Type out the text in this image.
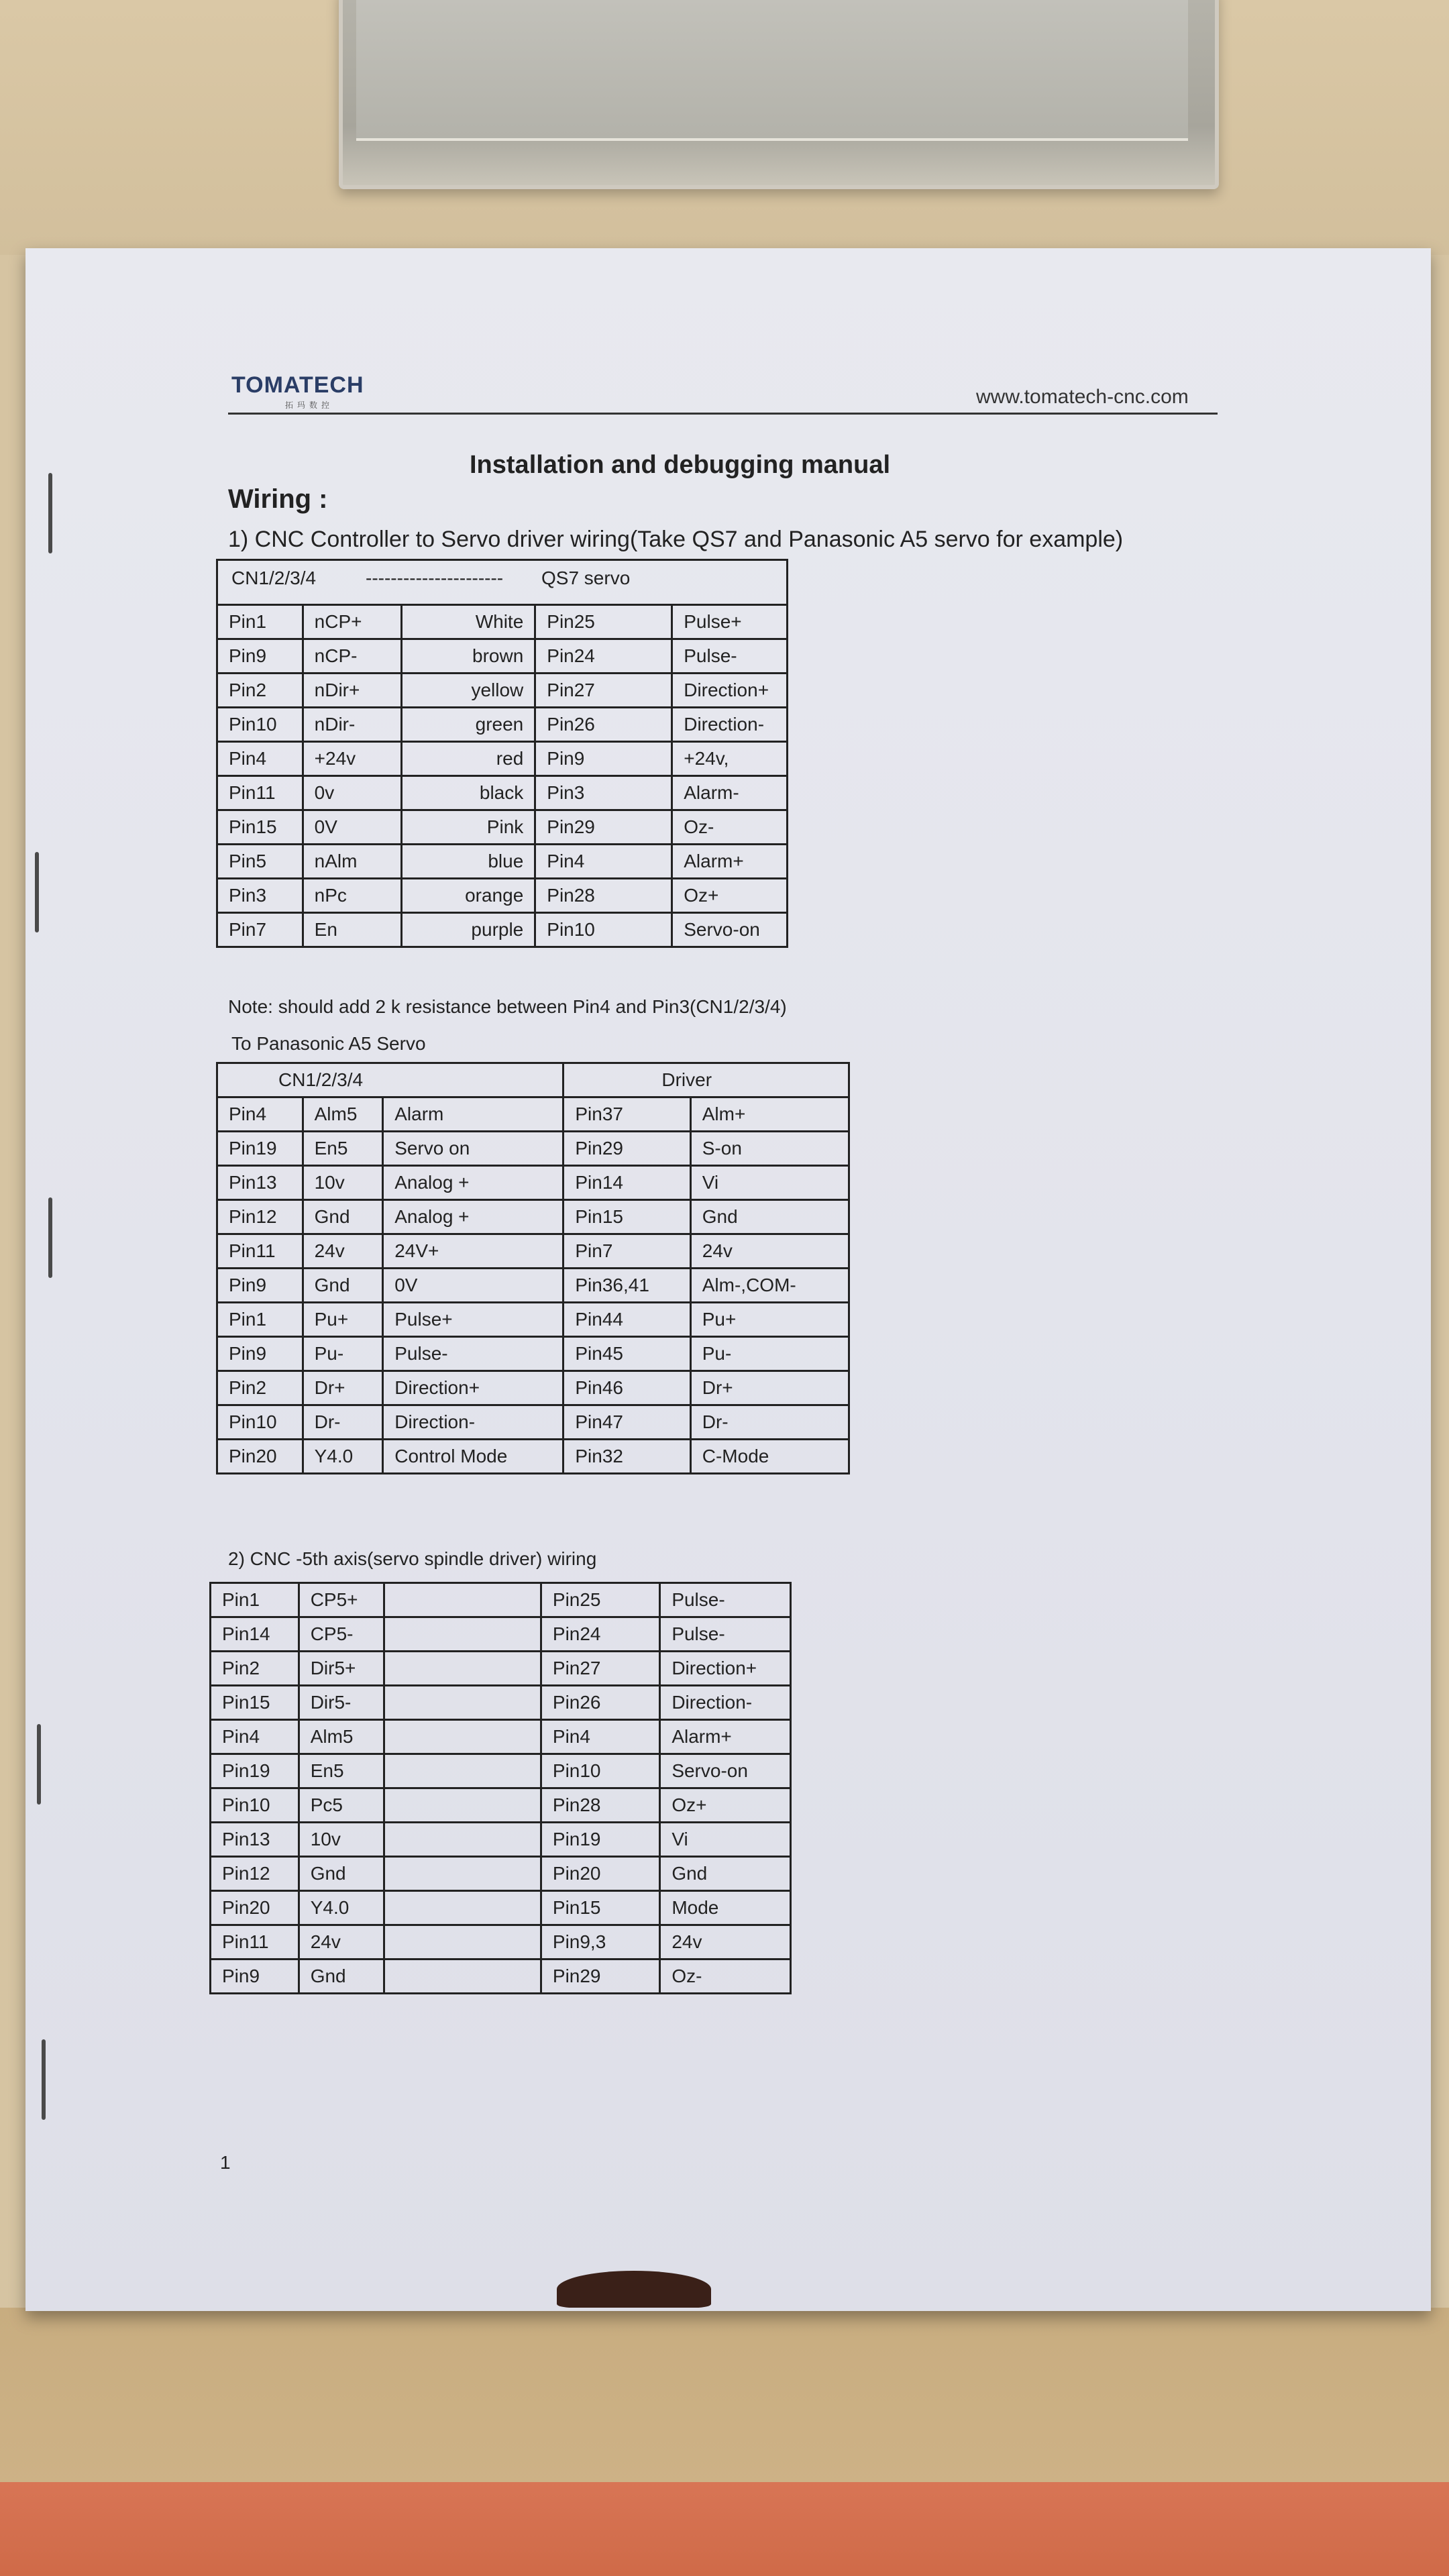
TOMATECH
拓玛数控	www.tomatech-cnc.com
Installation and debugging manual
Wiring :
1) CNC Controller to Servo driver wiring(Take QS7 and Panasonic A5 servo for example)
CN1/2/3/4	---------------------- QS7 servo
Pin1	nCP+	White	Pin25	Pulse+
Pin9	nCP-	brown	Pin24	Pulse-
Pin2	nDir+	yellow	Pin27	Direction+
Pin10	nDir-	green	Pin26	Direction-
Pin4	+24v	red	Pin9	+24v,
Pin11	0v	black	Pin3	Alarm-
Pin15	0V	Pink	Pin29	Oz-
Pin5	nAlm	blue	Pin4	Alarm+
Pin3	nPc	orange	Pin28	Oz+
Pin7	En	purple	Pin10	Servo-on
Note: should add 2 k resistance between Pin4 and Pin3(CN1/2/3/4)
To Panasonic A5 Servo
CN1/2/3/4			Driver	
Pin4	Alm5	Alarm	Pin37	Alm+
Pin19	En5	Servo on	Pin29	S-on
Pin13	10v	Analog +	Pin14	Vi
Pin12	Gnd	Analog +	Pin15	Gnd
Pin11	24v	24V+	Pin7	24v
Pin9	Gnd	0V	Pin36,41	Alm-,COM-
Pin1	Pu+	Pulse+	Pin44	Pu+
Pin9	Pu-	Pulse-	Pin45	Pu-
Pin2	Dr+	Direction+	Pin46	Dr+
Pin10	Dr-	Direction-	Pin47	Dr-
Pin20	Y4.0	Control Mode	Pin32	C-Mode
2) CNC -5th axis(servo spindle driver) wiring
Pin1	CP5+		Pin25	Pulse-
Pin14	CP5-		Pin24	Pulse-
Pin2	Dir5+		Pin27	Direction+
Pin15	Dir5-		Pin26	Direction-
Pin4	Alm5		Pin4	Alarm+
Pin19	En5		Pin10	Servo-on
Pin10	Pc5		Pin28	Oz+
Pin13	10v		Pin19	Vi
Pin12	Gnd		Pin20	Gnd
Pin20	Y4.0		Pin15	Mode
Pin11	24v		Pin9,3	24v
Pin9	Gnd		Pin29	Oz-
1
